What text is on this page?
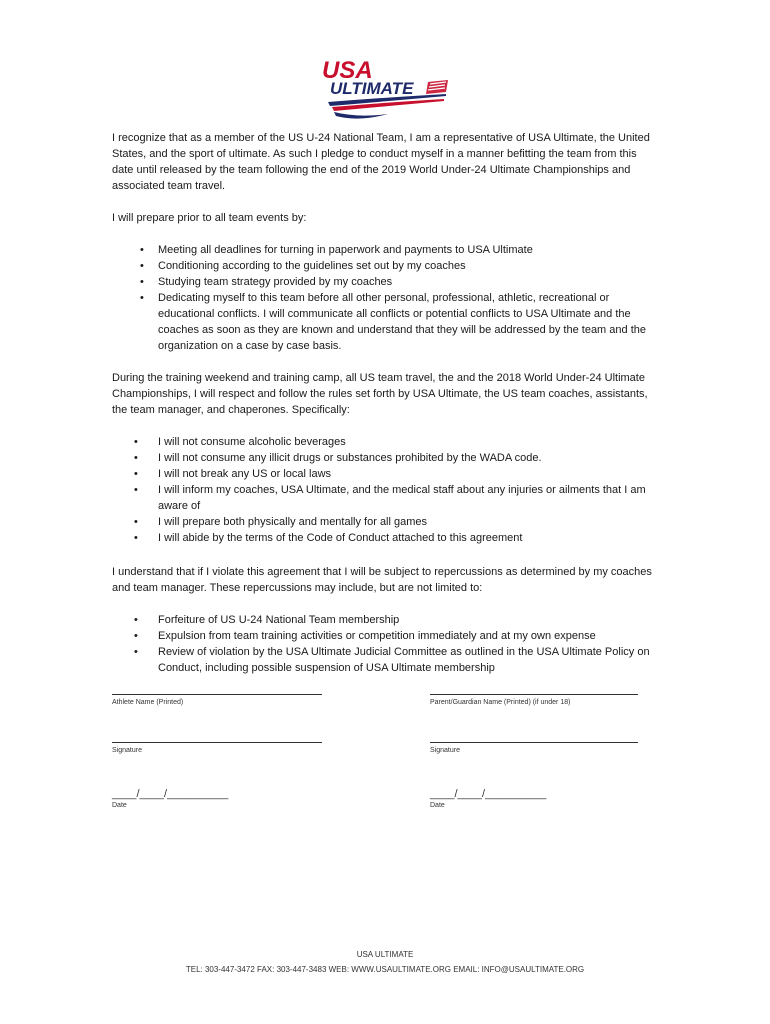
USA
ULTIMATE

I recognize that as a member of the US U-24 National Team, I am a representative of USA Ultimate, the United States, and the sport of ultimate. As such I pledge to conduct myself in a manner befitting the team from this date until released by the team following the end of the 2019 World Under-24 Ultimate Championships and associated team travel.

I will prepare prior to all team events by:

• Meeting all deadlines for turning in paperwork and payments to USA Ultimate
• Conditioning according to the guidelines set out by my coaches
• Studying team strategy provided by my coaches
• Dedicating myself to this team before all other personal, professional, athletic, recreational or educational conflicts. I will communicate all conflicts or potential conflicts to USA Ultimate and the coaches as soon as they are known and understand that they will be addressed by the team and the organization on a case by case basis.

During the training weekend and training camp, all US team travel, the and the 2018 World Under-24 Ultimate Championships, I will respect and follow the rules set forth by USA Ultimate, the US team coaches, assistants, the team manager, and chaperones. Specifically:

• I will not consume alcoholic beverages
• I will not consume any illicit drugs or substances prohibited by the WADA code.
• I will not break any US or local laws
• I will inform my coaches, USA Ultimate, and the medical staff about any injuries or ailments that I am aware of
• I will prepare both physically and mentally for all games
• I will abide by the terms of the Code of Conduct attached to this agreement

I understand that if I violate this agreement that I will be subject to repercussions as determined by my coaches and team manager. These repercussions may include, but are not limited to:

• Forfeiture of US U-24 National Team membership
• Expulsion from team training activities or competition immediately and at my own expense
• Review of violation by the USA Ultimate Judicial Committee as outlined in the USA Ultimate Policy on Conduct, including possible suspension of USA Ultimate membership
Athlete Name (Printed)	Parent/Guardian Name (Printed) (if under 18)
Signature	Signature
____/____/__________
Date
____/____/__________
Date
USA ULTIMATE
TEL: 303-447-3472 FAX: 303-447-3483 WEB: WWW.USAULTIMATE.ORG EMAIL: INFO@USAULTIMATE.ORG
